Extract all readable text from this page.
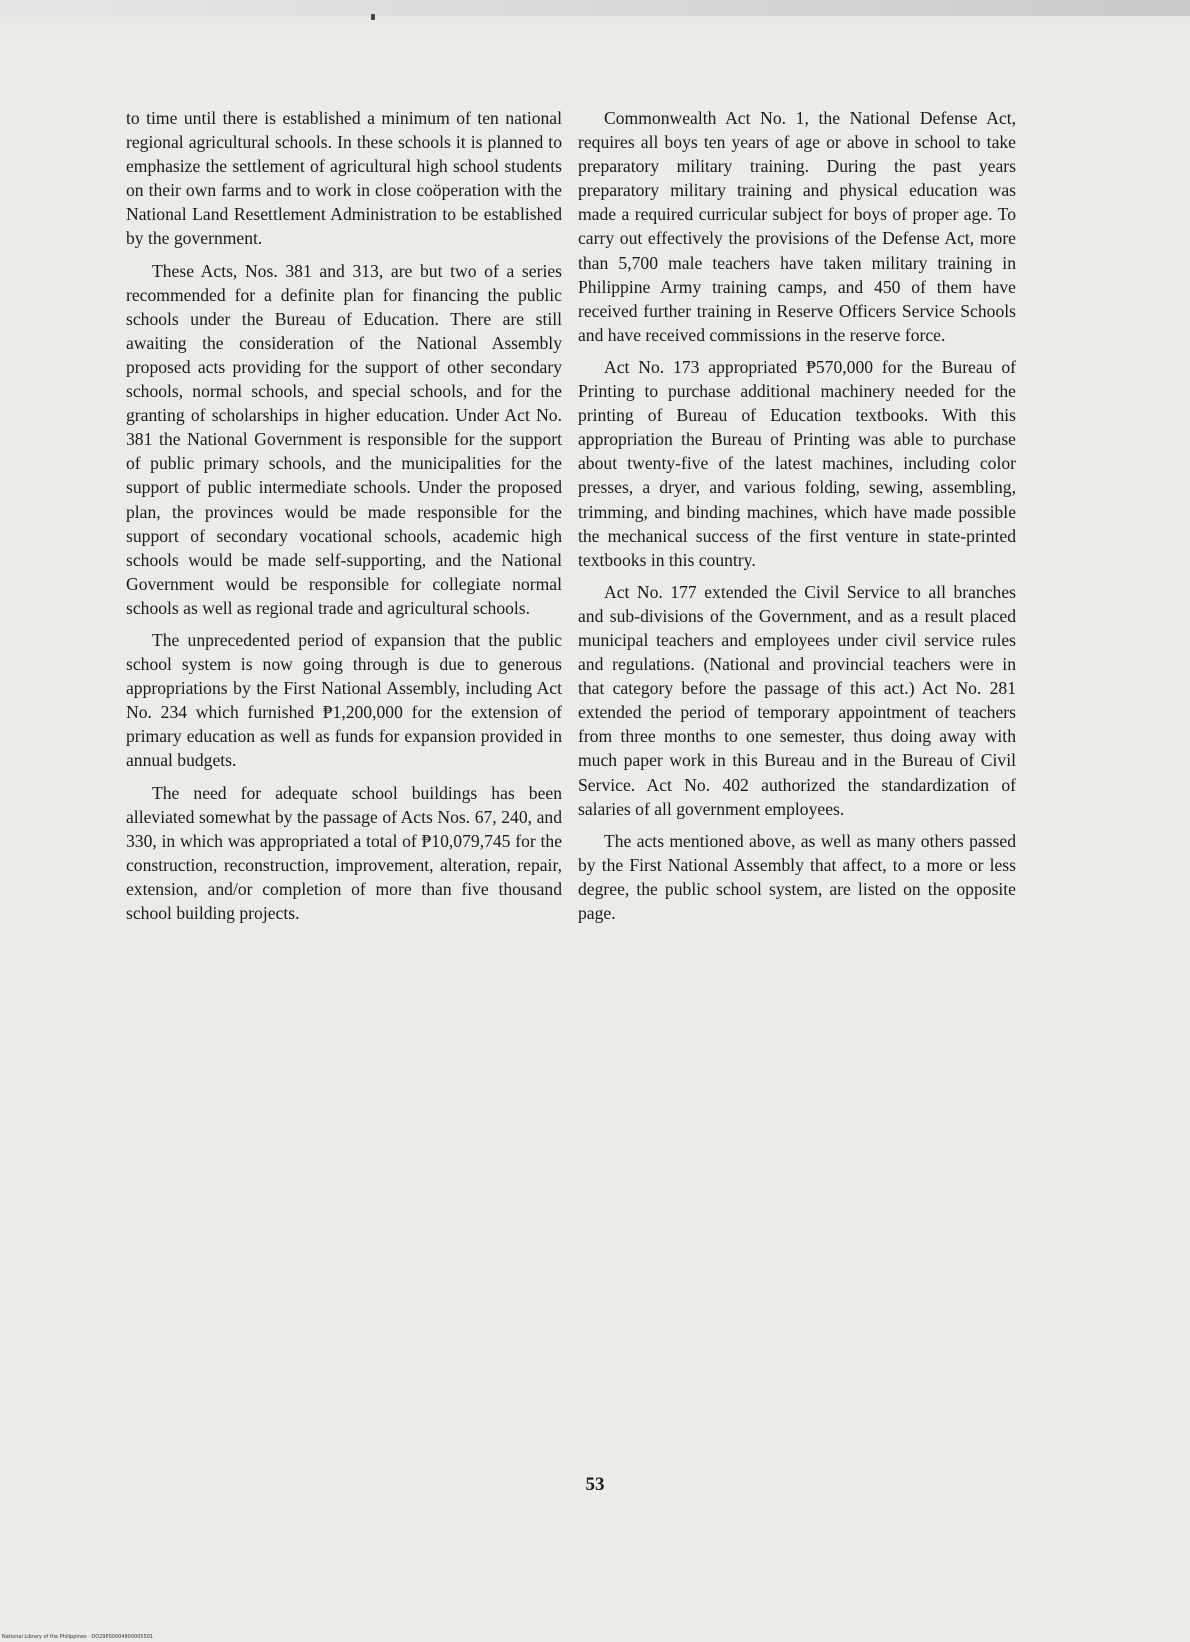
to time until there is established a minimum of ten national regional agricultural schools. In these schools it is planned to emphasize the settlement of agricultural high school students on their own farms and to work in close coöperation with the National Land Resettlement Administration to be established by the government.

These Acts, Nos. 381 and 313, are but two of a series recommended for a definite plan for financing the public schools under the Bureau of Education. There are still awaiting the consideration of the National Assembly proposed acts providing for the support of other secondary schools, normal schools, and special schools, and for the granting of scholarships in higher education. Under Act No. 381 the National Government is responsible for the support of public primary schools, and the municipalities for the support of public intermediate schools. Under the proposed plan, the provinces would be made responsible for the support of secondary vocational schools, academic high schools would be made self-supporting, and the National Government would be responsible for collegiate normal schools as well as regional trade and agricultural schools.

The unprecedented period of expansion that the public school system is now going through is due to generous appropriations by the First National Assembly, including Act No. 234 which furnished ₱1,200,000 for the extension of primary education as well as funds for expansion provided in annual budgets.

The need for adequate school buildings has been alleviated somewhat by the passage of Acts Nos. 67, 240, and 330, in which was appropriated a total of ₱10,079,745 for the construction, reconstruction, improvement, alteration, repair, extension, and/or completion of more than five thousand school building projects.

Commonwealth Act No. 1, the National Defense Act, requires all boys ten years of age or above in school to take preparatory military training. During the past years preparatory military training and physical education was made a required curricular subject for boys of proper age. To carry out effectively the provisions of the Defense Act, more than 5,700 male teachers have taken military training in Philippine Army training camps, and 450 of them have received further training in Reserve Officers Service Schools and have received commissions in the reserve force.

Act No. 173 appropriated ₱570,000 for the Bureau of Printing to purchase additional machinery needed for the printing of Bureau of Education textbooks. With this appropriation the Bureau of Printing was able to purchase about twenty-five of the latest machines, including color presses, a dryer, and various folding, sewing, assembling, trimming, and binding machines, which have made possible the mechanical success of the first venture in state-printed textbooks in this country.

Act No. 177 extended the Civil Service to all branches and sub-divisions of the Government, and as a result placed municipal teachers and employees under civil service rules and regulations. (National and provincial teachers were in that category before the passage of this act.) Act No. 281 extended the period of temporary appointment of teachers from three months to one semester, thus doing away with much paper work in this Bureau and in the Bureau of Civil Service. Act No. 402 authorized the standardization of salaries of all government employees.

The acts mentioned above, as well as many others passed by the First National Assembly that affect, to a more or less degree, the public school system, are listed on the opposite page.

53
National Library of the Philippines · DO29P00004800005501
